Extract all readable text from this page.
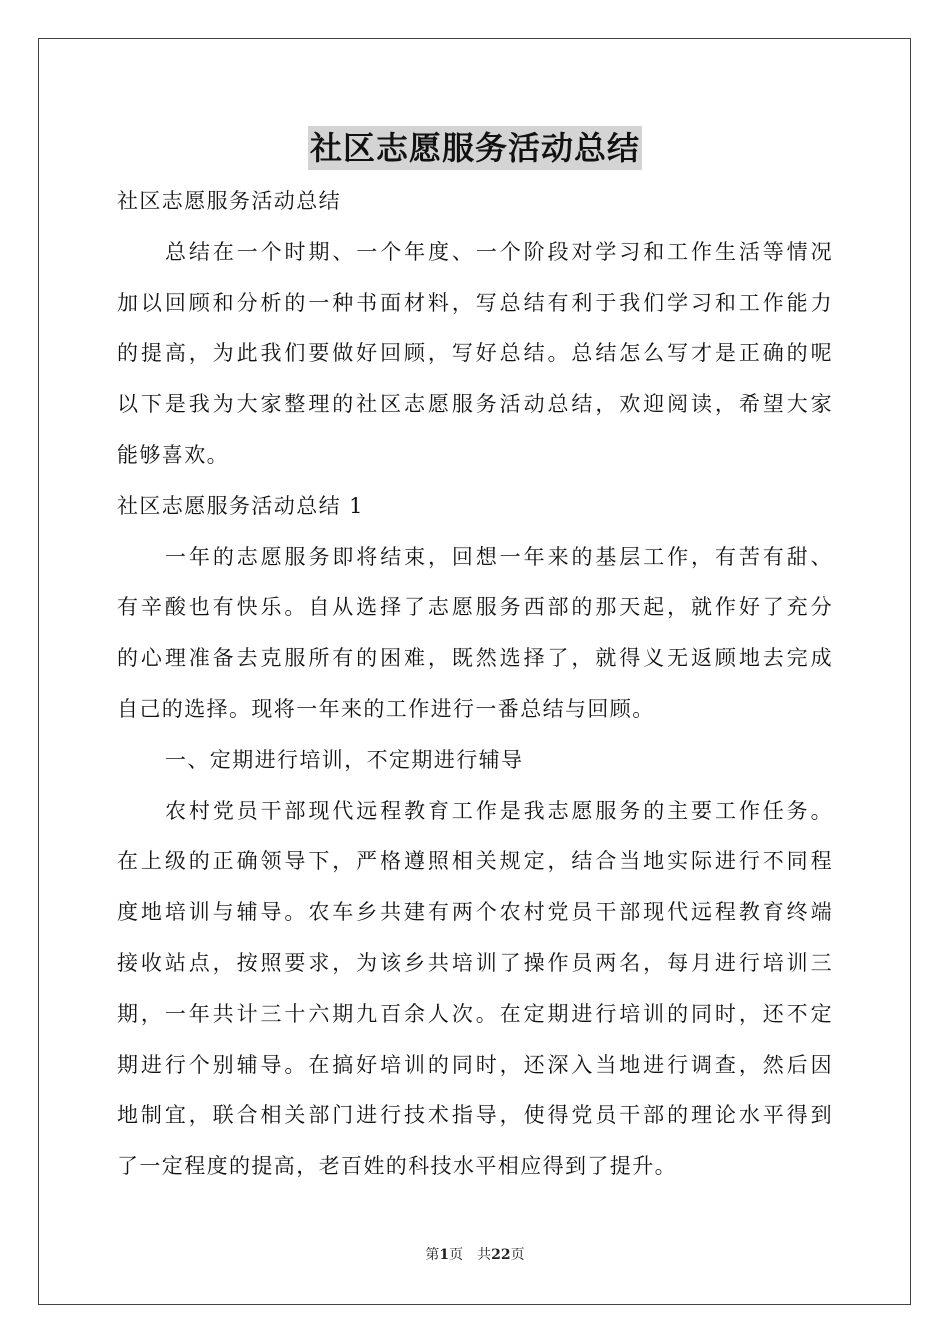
社区志愿服务活动总结
社区志愿服务活动总结
总结在一个时期、一个年度、一个阶段对学习和工作生活等情况
加以回顾和分析的一种书面材料，写总结有利于我们学习和工作能力
的提高，为此我们要做好回顾，写好总结。总结怎么写才是正确的呢
以下是我为大家整理的社区志愿服务活动总结，欢迎阅读，希望大家
能够喜欢。
社区志愿服务活动总结 1
一年的志愿服务即将结束，回想一年来的基层工作，有苦有甜、
有辛酸也有快乐。自从选择了志愿服务西部的那天起，就作好了充分
的心理准备去克服所有的困难，既然选择了，就得义无返顾地去完成
自己的选择。现将一年来的工作进行一番总结与回顾。
一、定期进行培训，不定期进行辅导
农村党员干部现代远程教育工作是我志愿服务的主要工作任务。
在上级的正确领导下，严格遵照相关规定，结合当地实际进行不同程
度地培训与辅导。农车乡共建有两个农村党员干部现代远程教育终端
接收站点，按照要求，为该乡共培训了操作员两名，每月进行培训三
期，一年共计三十六期九百余人次。在定期进行培训的同时，还不定
期进行个别辅导。在搞好培训的同时，还深入当地进行调查，然后因
地制宜，联合相关部门进行技术指导，使得党员干部的理论水平得到
了一定程度的提高，老百姓的科技水平相应得到了提升。
第1页　共22页
